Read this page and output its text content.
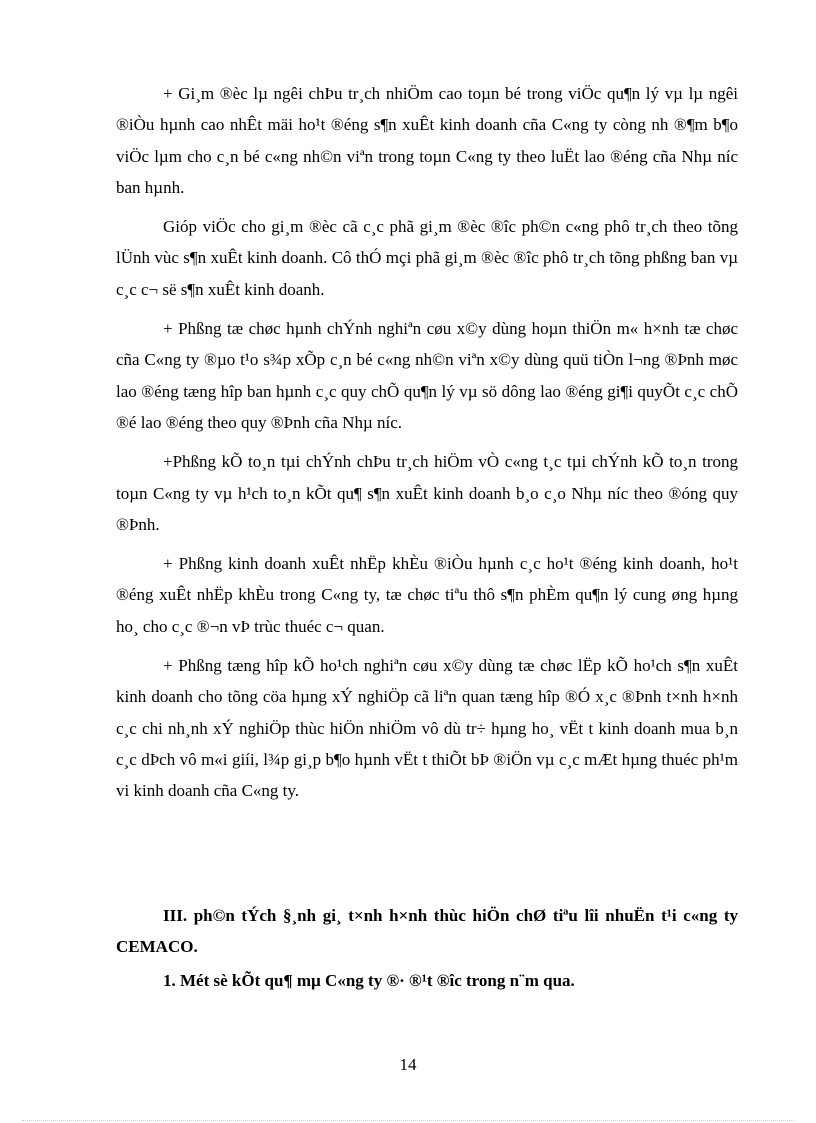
+ Gi¸m ®èc lµ ngêi chÞu tr¸ch nhiÖm cao toµn bé trong viÖc qu¶n lý vµ lµ ngêi ®iÒu hµnh cao nhÊt mäi ho¹t ®éng s¶n xuÊt kinh doanh cña C«ng ty còng nh ®¶m b¶o viÖc lµm cho c¸n bé c«ng nh©n viªn trong toµn C«ng ty theo luËt lao ®éng cña Nhµ níc ban hµnh.

Gióp viÖc cho gi¸m ®èc cã c¸c phã gi¸m ®èc ®îc ph©n c«ng phô tr¸ch theo tõng lÜnh vùc s¶n xuÊt kinh doanh. Cô thÓ mçi phã gi¸m ®èc ®îc phô tr¸ch tõng phßng ban vµ c¸c c¬ së s¶n xuÊt kinh doanh.

+ Phßng tæ chøc hµnh chÝnh nghiªn cøu x©y dùng hoµn thiÖn m« h×nh tæ chøc cña C«ng ty ®µo t¹o s¾p xÕp c¸n bé c«ng nh©n viªn x©y dùng quü tiÒn l¬ng ®Þnh møc lao ®éng tæng hîp ban hµnh c¸c quy chÕ qu¶n lý vµ sö dông lao ®éng gi¶i quyÕt c¸c chÕ ®é lao ®éng theo quy ®Þnh cña Nhµ níc.

+Phßng kÕ to¸n tµi chÝnh chÞu tr¸ch hiÖm vÒ c«ng t¸c tµi chÝnh kÕ to¸n trong toµn C«ng ty vµ h¹ch to¸n kÕt qu¶ s¶n xuÊt kinh doanh b¸o c¸o Nhµ níc theo ®óng quy ®Þnh.

+ Phßng kinh doanh xuÊt nhËp khÈu ®iÒu hµnh c¸c ho¹t ®éng kinh doanh, ho¹t ®éng xuÊt nhËp khÈu trong C«ng ty, tæ chøc tiªu thô s¶n phÈm qu¶n lý cung øng hµng ho¸ cho c¸c ®¬n vÞ trùc thuéc c¬ quan.

+ Phßng tæng hîp kÕ ho¹ch nghiªn cøu x©y dùng tæ chøc lËp kÕ ho¹ch s¶n xuÊt kinh doanh cho tõng cöa hµng xÝ nghiÖp cã liªn quan tæng hîp ®Ó x¸c ®Þnh t×nh h×nh c¸c chi nh¸nh xÝ nghiÖp thùc hiÖn nhiÖm vô dù tr÷ hµng ho¸ vËt t kinh doanh mua b¸n c¸c dÞch vô m«i giíi, l¾p gi¸p b¶o hµnh vËt t thiÕt bÞ ®iÖn vµ c¸c mÆt hµng thuéc ph¹m vi kinh doanh cña C«ng ty.

III. ph©n tÝch §¸nh gi¸ t×nh h×nh thùc hiÖn chØ tiªu lîi nhuËn t¹i c«ng ty CEMACO.
1. Mét sè kÕt qu¶ mµ C«ng ty ®· ®¹t ®îc trong n¨m qua.
14
